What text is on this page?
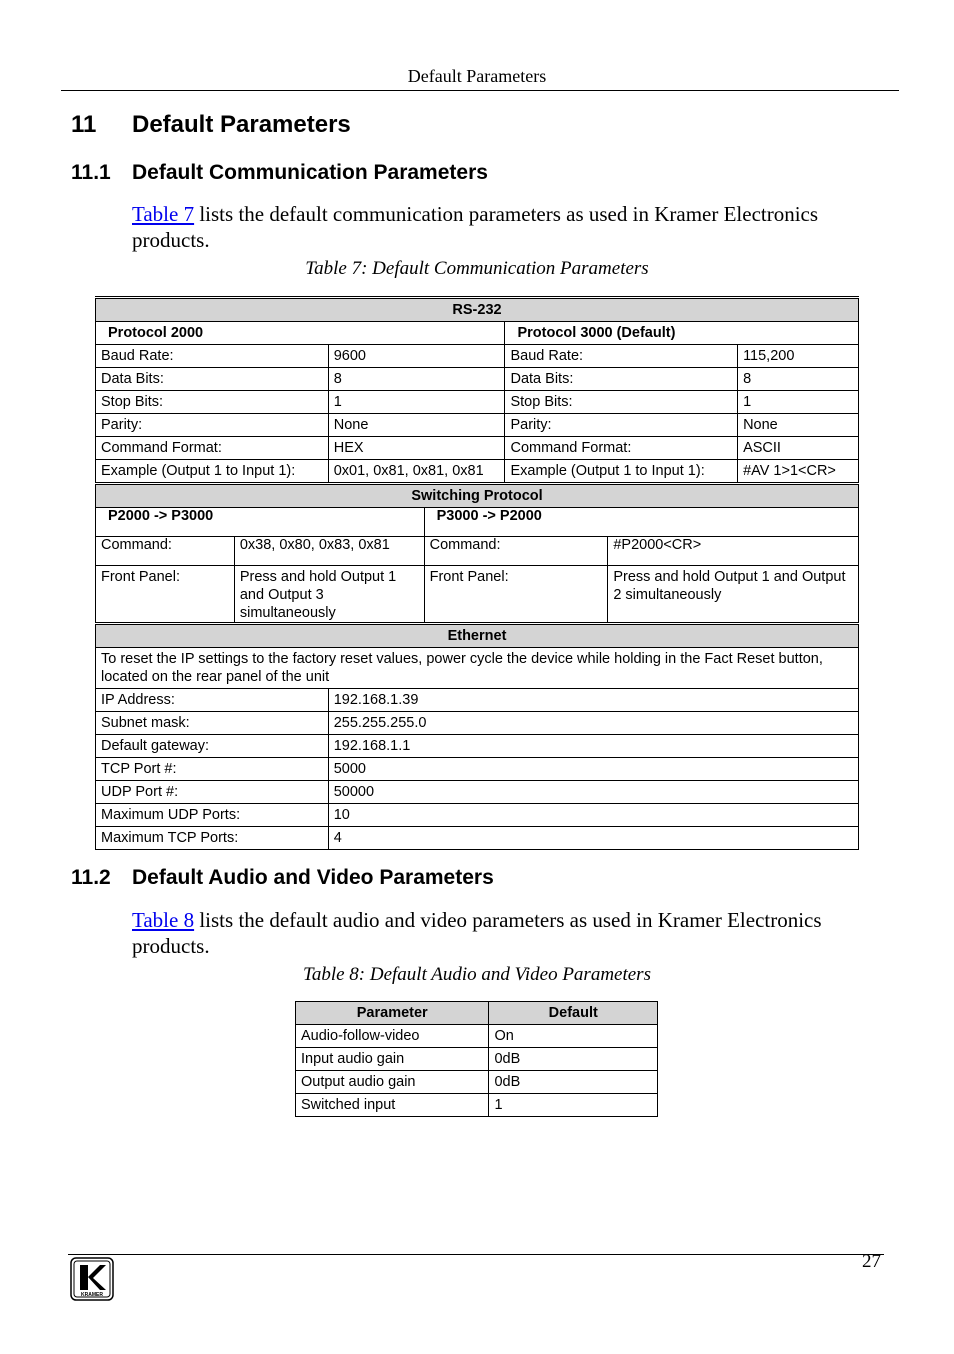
Default Parameters
11 Default Parameters
11.1 Default Communication Parameters
Table 7 lists the default communication parameters as used in Kramer Electronics products.
Table 7: Default Communication Parameters
RS-232						
Protocol 2000				Protocol 3000 (Default)		
Baud Rate:		9600		Baud Rate:		115,200
Data Bits:		8		Data Bits:		8
Stop Bits:		1		Stop Bits:		1
Parity:		None		Parity:		None
Command Format:		HEX		Command Format:		ASCII
Example (Output 1 to Input 1):		0x01, 0x81, 0x81, 0x81		Example (Output 1 to Input 1):		#AV 1>1<CR>
Switching Protocol						
P2000 -> P3000			P3000 -> P2000			
Command:	0x38, 0x80, 0x83, 0x81		Command:		#P2000<CR>	
Front Panel:	Press and hold Output 1 and Output 3 simultaneously		Front Panel:		Press and hold Output 1 and Output 2 simultaneously	
Ethernet						
To reset the IP settings to the factory reset values, power cycle the device while holding in the Fact Reset button, located on the rear panel of the unit						
IP Address:		192.168.1.39				
Subnet mask:		255.255.255.0				
Default gateway:		192.168.1.1				
TCP Port #:		5000				
UDP Port #:		50000				
Maximum UDP Ports:		10				
Maximum TCP Ports:		4				
11.2 Default Audio and Video Parameters
Table 8 lists the default audio and video parameters as used in Kramer Electronics products.
Table 8: Default Audio and Video Parameters
Parameter	Default
Audio-follow-video	On
Input audio gain	0dB
Output audio gain	0dB
Switched input	1
27
KRAMER
